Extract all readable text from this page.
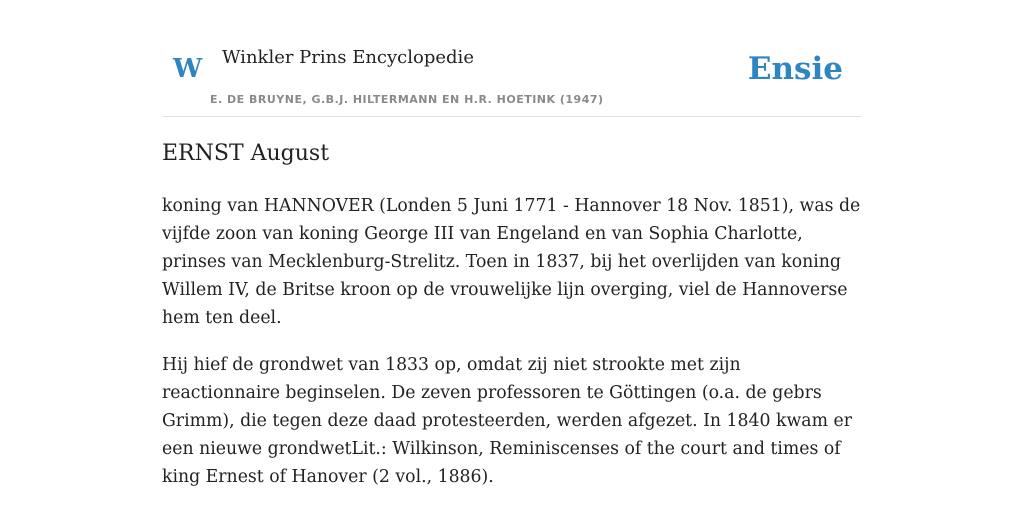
W Winkler Prins Encyclopedie
E. DE BRUYNE, G.B.J. HILTERMANN EN H.R. HOETINK (1947)
Ensie
ERNST August

koning van HANNOVER (Londen 5 Juni 1771 - Hannover 18 Nov. 1851), was de vijfde zoon van koning George III van Engeland en van Sophia Charlotte, prinses van Mecklenburg-Strelitz. Toen in 1837, bij het overlijden van koning Willem IV, de Britse kroon op de vrouwelijke lijn overging, viel de Hannoverse hem ten deel.

Hij hief de grondwet van 1833 op, omdat zij niet strookte met zijn reactionnaire beginselen. De zeven professoren te Göttingen (o.a. de gebrs Grimm), die tegen deze daad protesteerden, werden afgezet. In 1840 kwam er een nieuwe grondwetLit.: Wilkinson, Reminiscenses of the court and times of king Ernest of Hanover (2 vol., 1886).
